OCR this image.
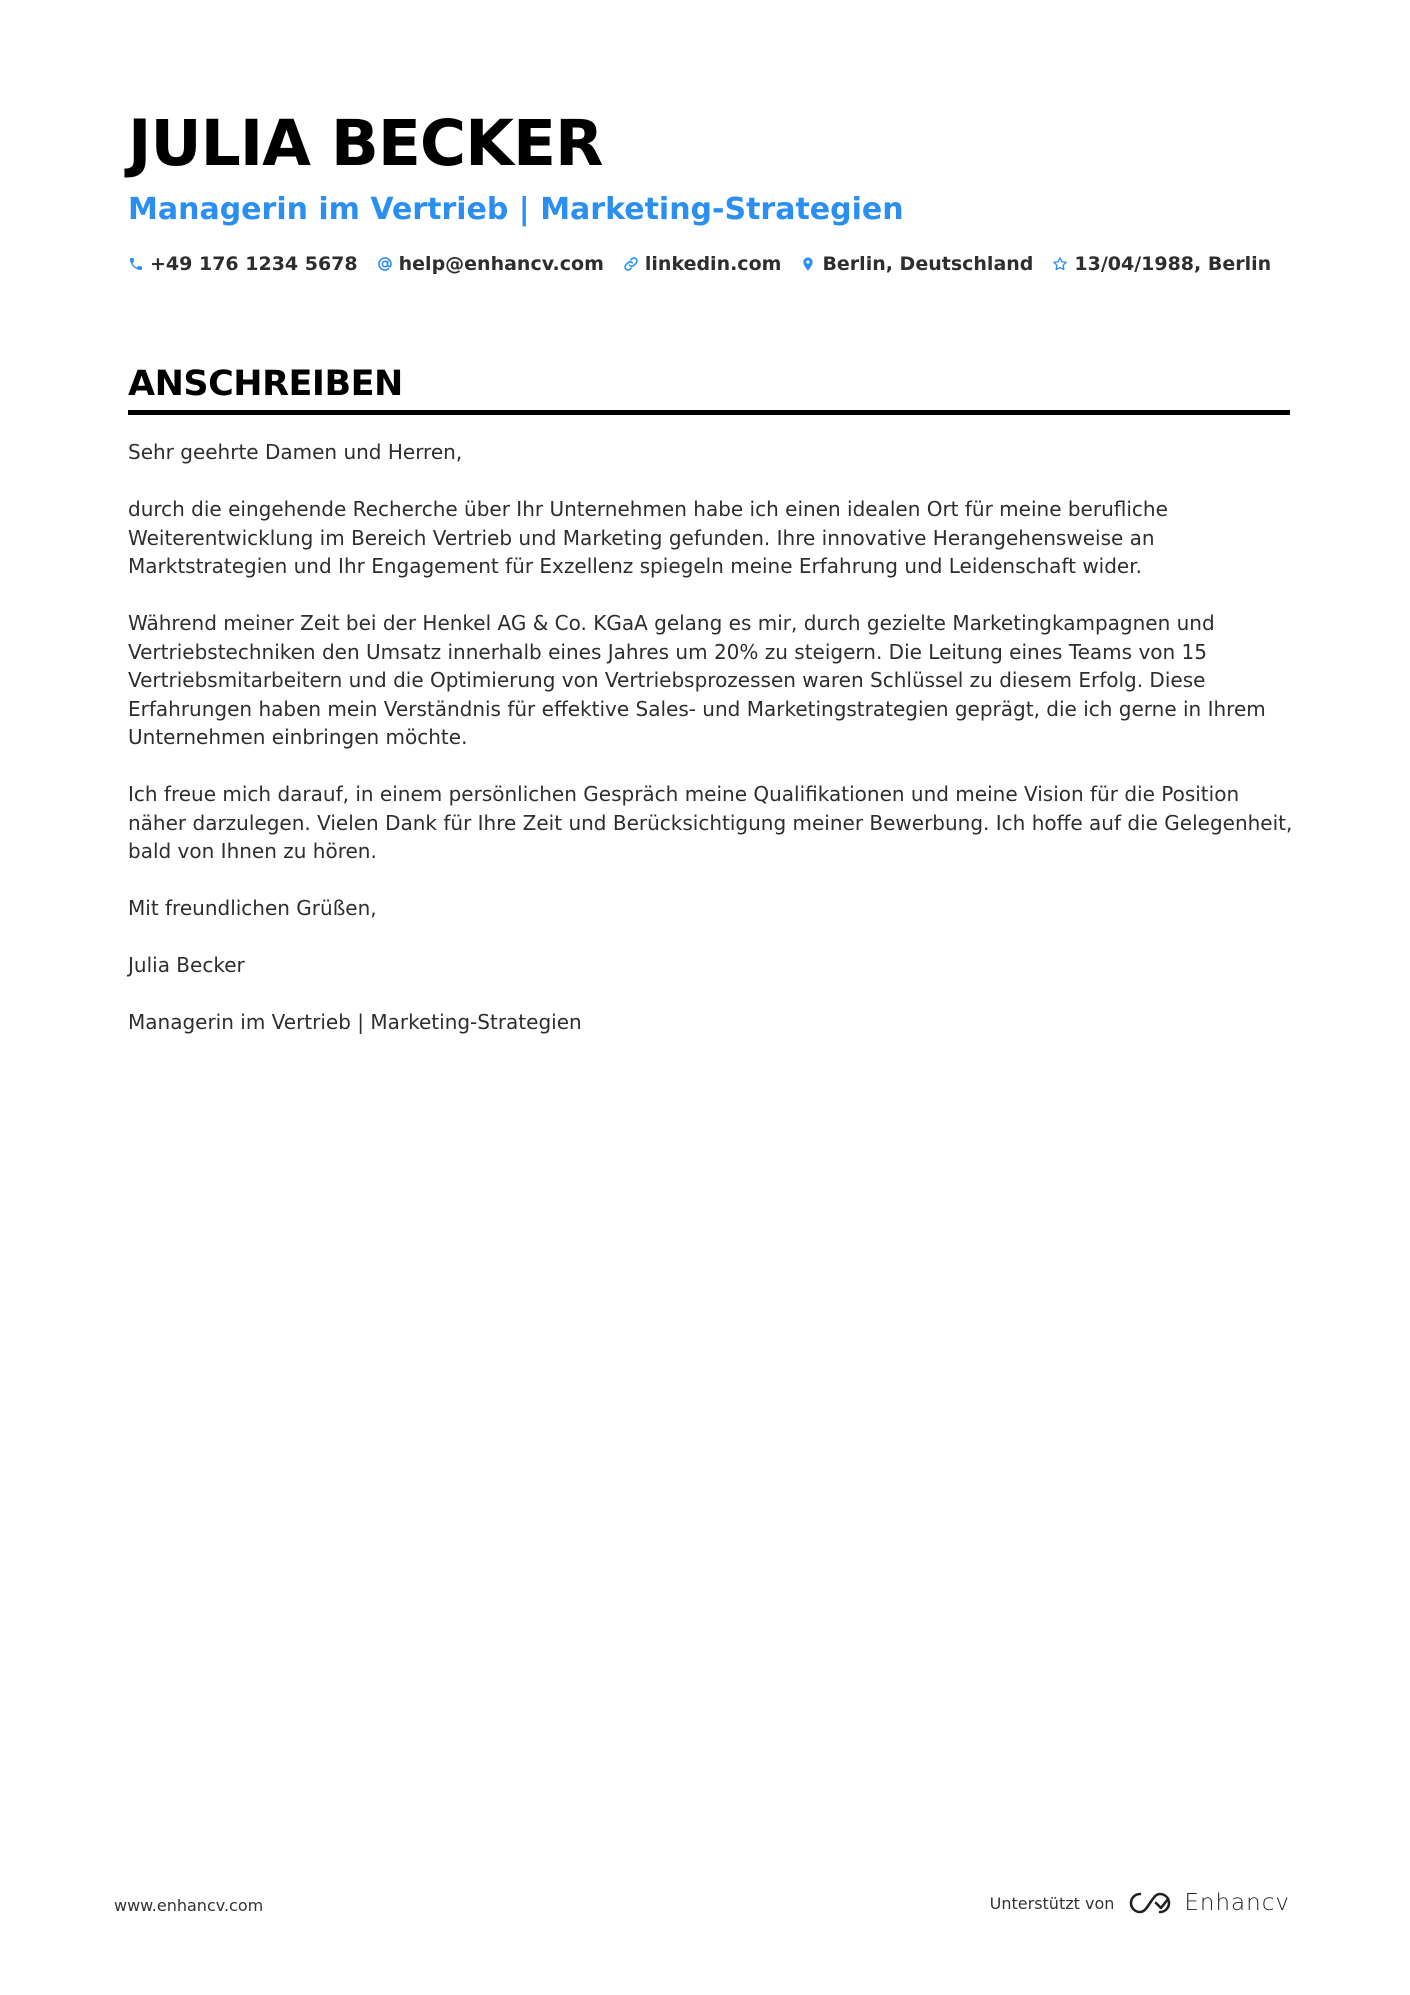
JULIA BECKER
Managerin im Vertrieb | Marketing-Strategien
+49 176 1234 5678 help@enhancv.com linkedin.com Berlin, Deutschland 13/04/1988, Berlin
ANSCHREIBEN

Sehr geehrte Damen und Herren,

durch die eingehende Recherche über Ihr Unternehmen habe ich einen idealen Ort für meine berufliche Weiterentwicklung im Bereich Vertrieb und Marketing gefunden. Ihre innovative Herangehensweise an Marktstrategien und Ihr Engagement für Exzellenz spiegeln meine Erfahrung und Leidenschaft wider.

Während meiner Zeit bei der Henkel AG & Co. KGaA gelang es mir, durch gezielte Marketingkampagnen und Vertriebstechniken den Umsatz innerhalb eines Jahres um 20% zu steigern. Die Leitung eines Teams von 15 Vertriebsmitarbeitern und die Optimierung von Vertriebsprozessen waren Schlüssel zu diesem Erfolg. Diese Erfahrungen haben mein Verständnis für effektive Sales- und Marketingstrategien geprägt, die ich gerne in Ihrem Unternehmen einbringen möchte.

Ich freue mich darauf, in einem persönlichen Gespräch meine Qualifikationen und meine Vision für die Position näher darzulegen. Vielen Dank für Ihre Zeit und Berücksichtigung meiner Bewerbung. Ich hoffe auf die Gelegenheit, bald von Ihnen zu hören.

Mit freundlichen Grüßen,

Julia Becker

Managerin im Vertrieb | Marketing-Strategien

www.enhancv.com	Unterstützt von	Enhancv
